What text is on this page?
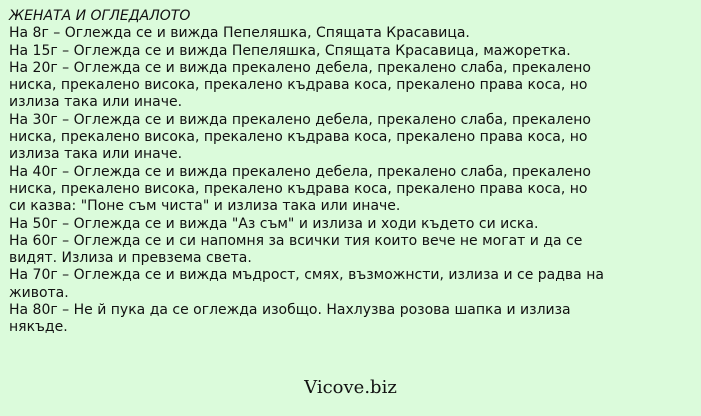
ЖЕНАТА И ОГЛЕДАЛОТО
На 8г – Оглежда се и вижда Пепеляшка, Спящата Красавица.
На 15г – Оглежда се и вижда Пепеляшка, Спящата Красавица, мажоретка.
На 20г – Оглежда се и вижда прекалено дебела, прекалено слаба, прекалено
ниска, прекалено висока, прекалено къдрава коса, прекалено права коса, но
излиза така или иначе.
На 30г – Оглежда се и вижда прекалено дебела, прекалено слаба, прекалено
ниска, прекалено висока, прекалено къдрава коса, прекалено права коса, но
излиза така или иначе.
На 40г – Оглежда се и вижда прекалено дебела, прекалено слаба, прекалено
ниска, прекалено висока, прекалено къдрава коса, прекалено права коса, но
си казва: "Поне съм чиста" и излиза така или иначе.
На 50г – Оглежда се и вижда "Аз съм" и излиза и ходи където си иска.
На 60г – Оглежда се и си напомня за всички тия които вече не могат и да се
видят. Излиза и превзема света.
На 70г – Оглежда се и вижда мъдрост, смях, възможнсти, излиза и се радва на
живота.
На 80г – Не й пука да се оглежда изобщо. Нахлузва розова шапка и излиза
някъде.
Vicove.biz
